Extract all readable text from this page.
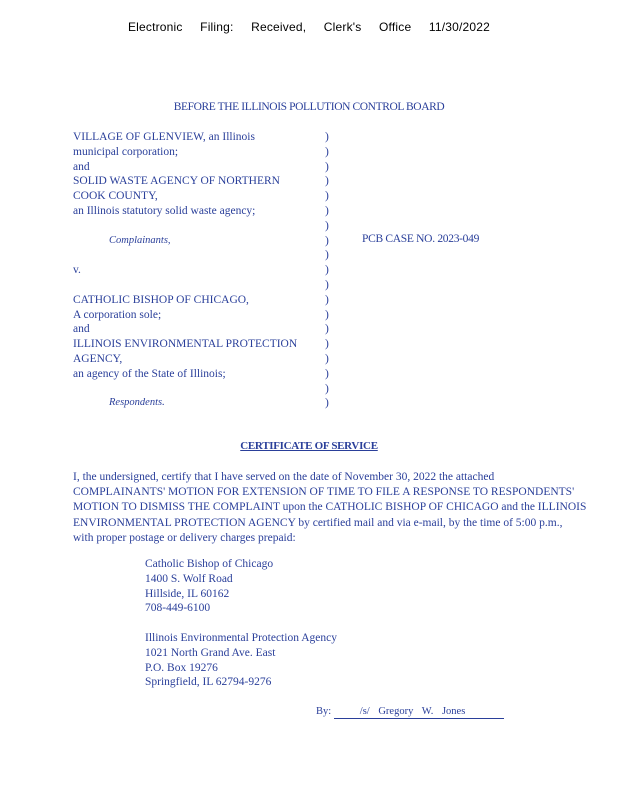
Electronic Filing: Received, Clerk's Office 11/30/2022
BEFORE THE ILLINOIS POLLUTION CONTROL BOARD
VILLAGE OF GLENVIEW, an Illinois
municipal corporation;
and
SOLID WASTE AGENCY OF NORTHERN
COOK COUNTY,
an Illinois statutory solid waste agency;
Complainants,
v.
CATHOLIC BISHOP OF CHICAGO,
A corporation sole;
and
ILLINOIS ENVIRONMENTAL PROTECTION
AGENCY,
an agency of the State of Illinois;
Respondents.
)
)
)
)
)
)
)
)
)
)
)
)
)
)
)
)
)
)
)
PCB CASE NO. 2023-049
CERTIFICATE OF SERVICE
I, the undersigned, certify that I have served on the date of November 30, 2022 the attached
COMPLAINANTS' MOTION FOR EXTENSION OF TIME TO FILE A RESPONSE TO RESPONDENTS'
MOTION TO DISMISS THE COMPLAINT upon the CATHOLIC BISHOP OF CHICAGO and the ILLINOIS
ENVIRONMENTAL PROTECTION AGENCY by certified mail and via e-mail, by the time of 5:00 p.m.,
with proper postage or delivery charges prepaid:
Catholic Bishop of Chicago
1400 S. Wolf Road
Hillside, IL 60162
708-449-6100
Illinois Environmental Protection Agency
1021 North Grand Ave. East
P.O. Box 19276
Springfield, IL 62794-9276
By:	/s/ Gregory W. Jones
